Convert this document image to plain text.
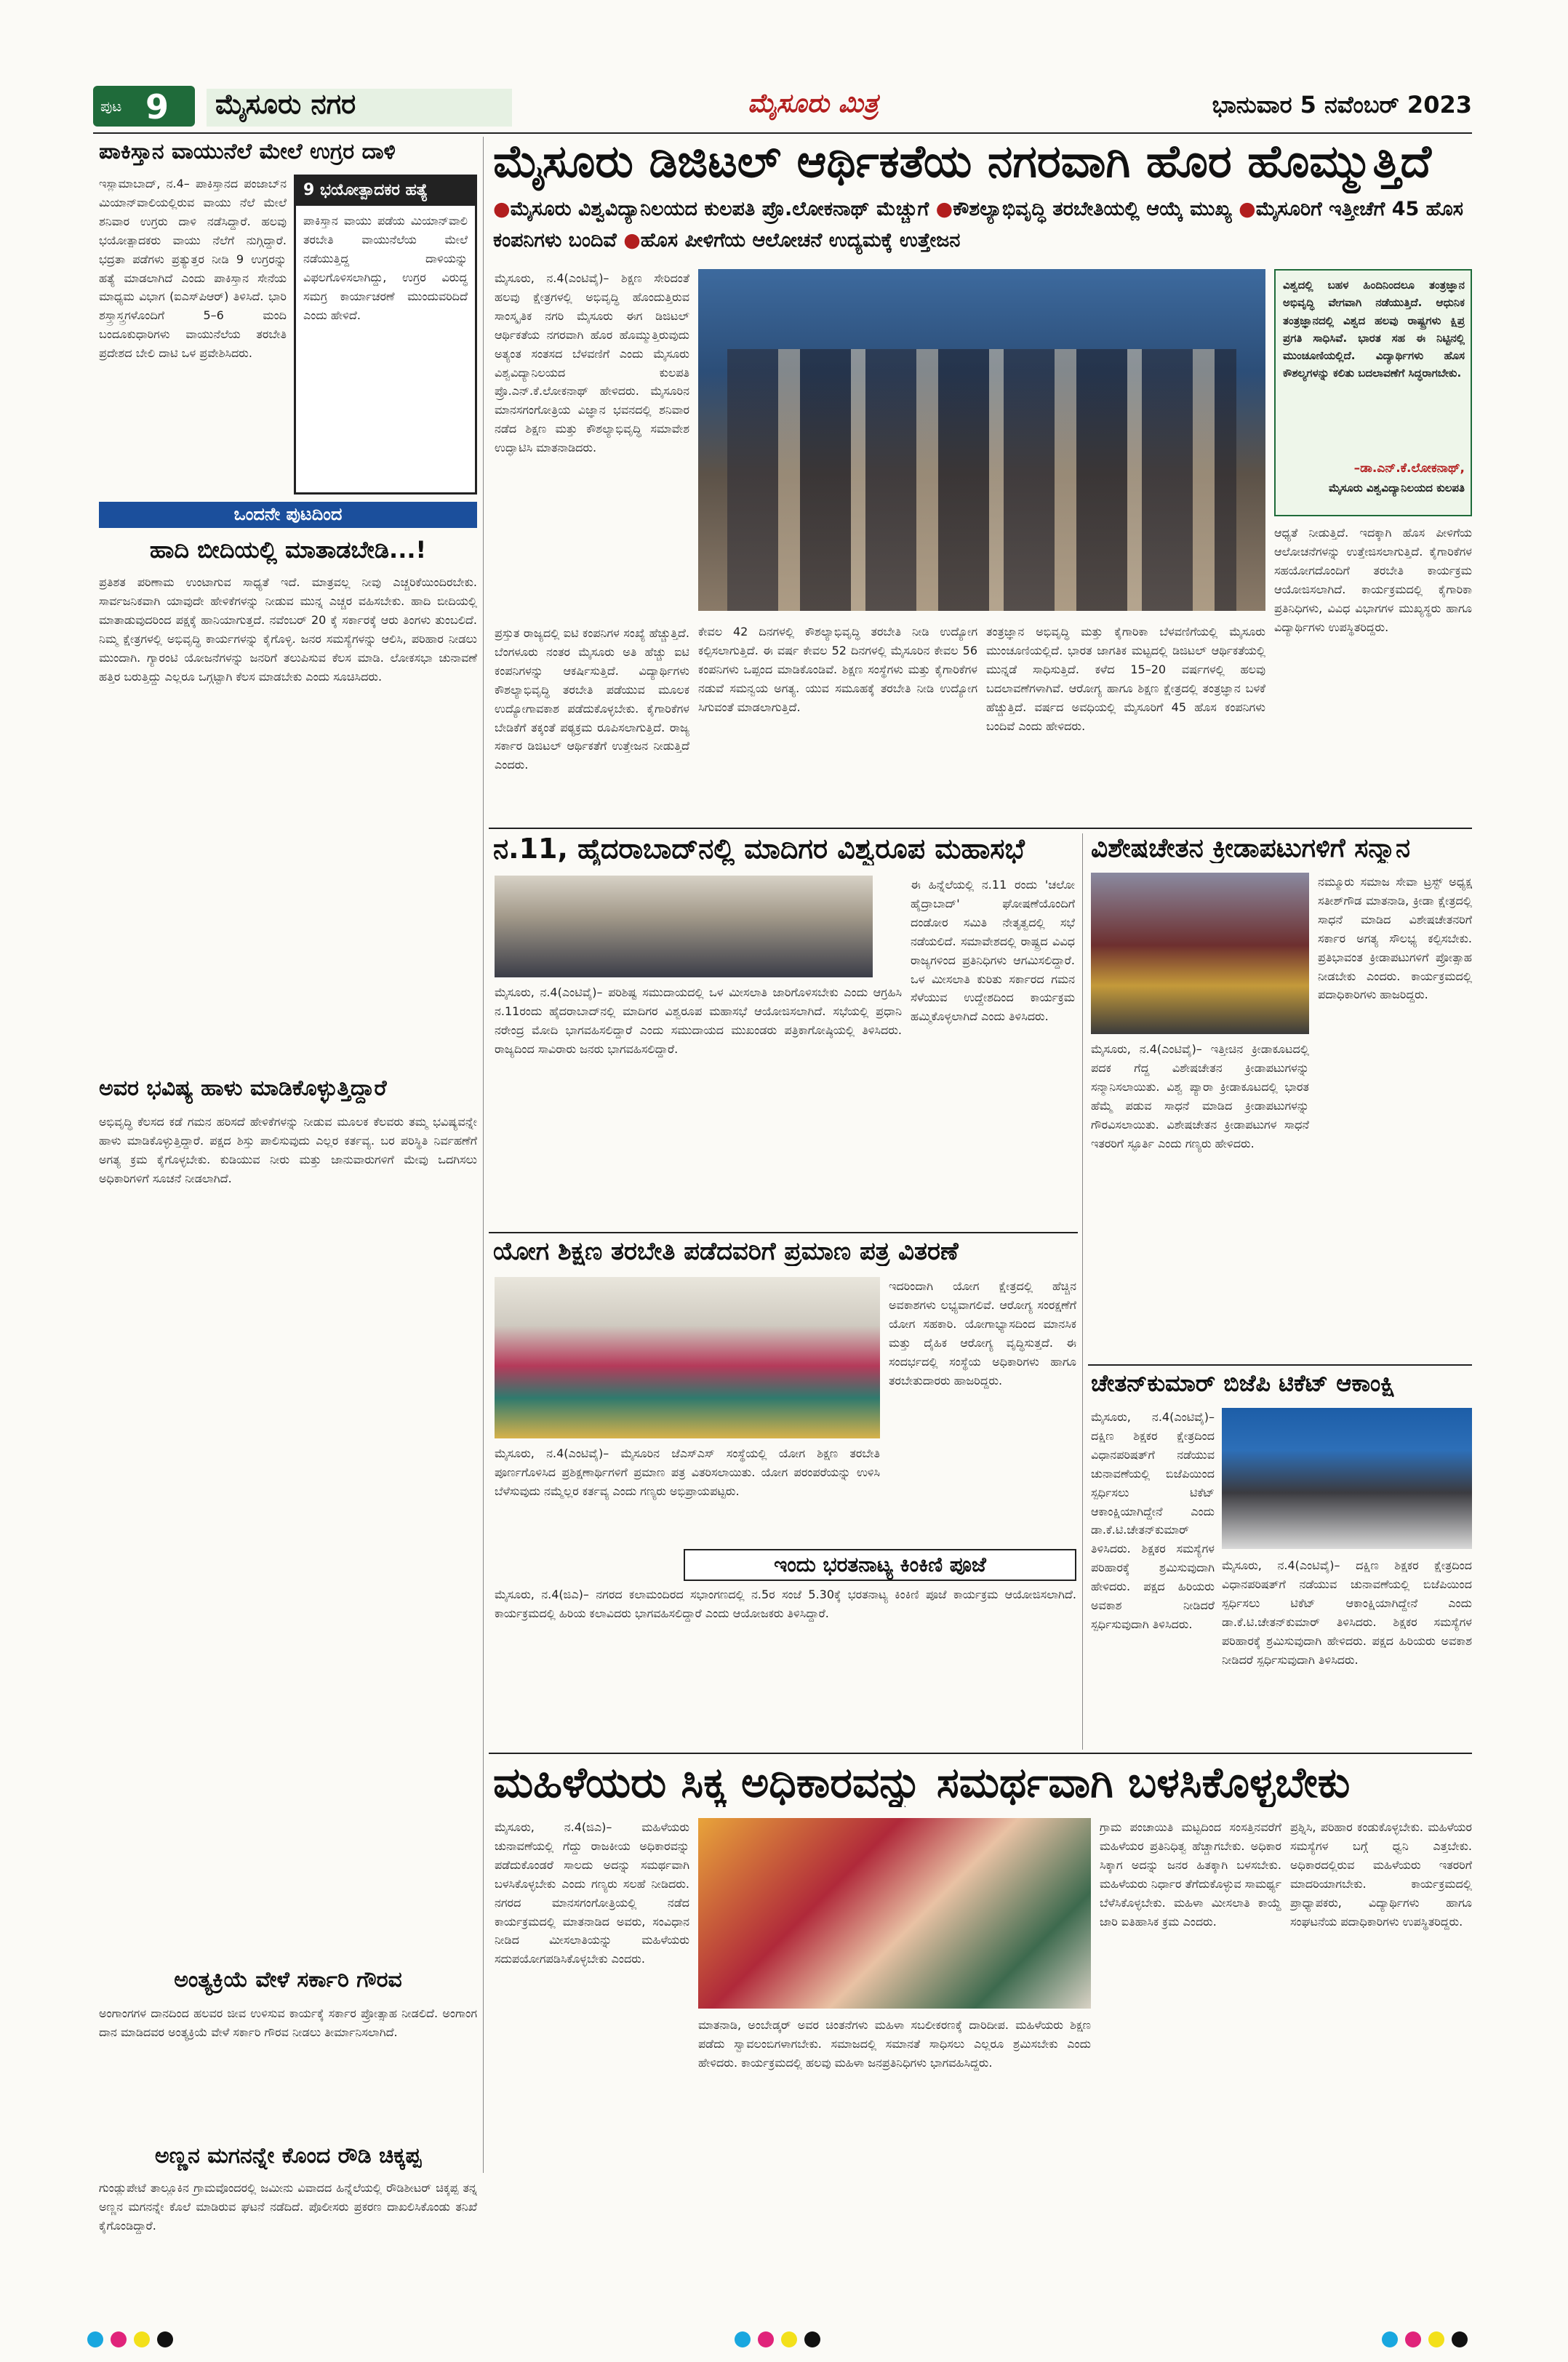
ಪುಟ 9	ಮೈಸೂರು ನಗರ	ಮೈಸೂರು ಮಿತ್ರ	ಭಾನುವಾರ 5 ನವೆಂಬರ್ 2023
ಪಾಕಿಸ್ತಾನ ವಾಯುನೆಲೆ ಮೇಲೆ ಉಗ್ರರ ದಾಳಿ
ಇಸ್ಲಾಮಾಬಾದ್, ನ.4– ಪಾಕಿಸ್ತಾನದ ಪಂಜಾಬ್‌ನ ಮಿಯಾನ್‌ವಾಲಿಯಲ್ಲಿರುವ ವಾಯು ನೆಲೆ ಮೇಲೆ ಶನಿವಾರ ಉಗ್ರರು ದಾಳಿ ನಡೆಸಿದ್ದಾರೆ. ಹಲವು ಭಯೋತ್ಪಾದಕರು ವಾಯು ನೆಲೆಗೆ ನುಗ್ಗಿದ್ದಾರೆ. ಭದ್ರತಾ ಪಡೆಗಳು ಪ್ರತ್ಯುತ್ತರ ನೀಡಿ 9 ಉಗ್ರರನ್ನು ಹತ್ಯೆ ಮಾಡಲಾಗಿದೆ ಎಂದು ಪಾಕಿಸ್ತಾನ ಸೇನೆಯ ಮಾಧ್ಯಮ ವಿಭಾಗ (ಐಎಸ್‌ಪಿಆರ್) ತಿಳಿಸಿದೆ. ಭಾರಿ ಶಸ್ತ್ರಾಸ್ತ್ರಗಳೊಂದಿಗೆ 5–6 ಮಂದಿ ಬಂದೂಕುಧಾರಿಗಳು ವಾಯುನೆಲೆಯ ತರಬೇತಿ ಪ್ರದೇಶದ ಬೇಲಿ ದಾಟಿ ಒಳ ಪ್ರವೇಶಿಸಿದರು.
9 ಭಯೋತ್ಪಾದಕರ ಹತ್ಯೆ
ಪಾಕಿಸ್ತಾನ ವಾಯು ಪಡೆಯ ಮಿಯಾನ್‌ವಾಲಿ ತರಬೇತಿ ವಾಯುನೆಲೆಯ ಮೇಲೆ ನಡೆಯುತ್ತಿದ್ದ ದಾಳಿಯನ್ನು ವಿಫಲಗೊಳಿಸಲಾಗಿದ್ದು, ಉಗ್ರರ ವಿರುದ್ಧ ಸಮಗ್ರ ಕಾರ್ಯಾಚರಣೆ ಮುಂದುವರಿದಿದೆ ಎಂದು ಹೇಳಿದೆ.
ಒಂದನೇ ಪುಟದಿಂದ
ಹಾದಿ ಬೀದಿಯಲ್ಲಿ ಮಾತಾಡಬೇಡಿ...!
ಪ್ರತಿಶತ ಪರಿಣಾಮ ಉಂಟಾಗುವ ಸಾಧ್ಯತೆ ಇದೆ. ಮಾತ್ರವಲ್ಲ ನೀವು ಎಚ್ಚರಿಕೆಯಿಂದಿರಬೇಕು. ಸಾರ್ವಜನಿಕವಾಗಿ ಯಾವುದೇ ಹೇಳಿಕೆಗಳನ್ನು ನೀಡುವ ಮುನ್ನ ಎಚ್ಚರ ವಹಿಸಬೇಕು. ಹಾದಿ ಬೀದಿಯಲ್ಲಿ ಮಾತಾಡುವುದರಿಂದ ಪಕ್ಷಕ್ಕೆ ಹಾನಿಯಾಗುತ್ತದೆ. ನವೆಂಬರ್ 20 ಕ್ಕೆ ಸರ್ಕಾರಕ್ಕೆ ಆರು ತಿಂಗಳು ತುಂಬಲಿದೆ. ನಿಮ್ಮ ಕ್ಷೇತ್ರಗಳಲ್ಲಿ ಅಭಿವೃದ್ಧಿ ಕಾರ್ಯಗಳನ್ನು ಕೈಗೊಳ್ಳಿ. ಜನರ ಸಮಸ್ಯೆಗಳನ್ನು ಆಲಿಸಿ, ಪರಿಹಾರ ನೀಡಲು ಮುಂದಾಗಿ. ಗ್ಯಾರಂಟಿ ಯೋಜನೆಗಳನ್ನು ಜನರಿಗೆ ತಲುಪಿಸುವ ಕೆಲಸ ಮಾಡಿ. ಲೋಕಸಭಾ ಚುನಾವಣೆ ಹತ್ತಿರ ಬರುತ್ತಿದ್ದು ಎಲ್ಲರೂ ಒಗ್ಗಟ್ಟಾಗಿ ಕೆಲಸ ಮಾಡಬೇಕು ಎಂದು ಸೂಚಿಸಿದರು.
ಅವರ ಭವಿಷ್ಯ ಹಾಳು ಮಾಡಿಕೊಳ್ಳುತ್ತಿದ್ದಾರೆ
ಅಭಿವೃದ್ಧಿ ಕೆಲಸದ ಕಡೆ ಗಮನ ಹರಿಸದೆ ಹೇಳಿಕೆಗಳನ್ನು ನೀಡುವ ಮೂಲಕ ಕೆಲವರು ತಮ್ಮ ಭವಿಷ್ಯವನ್ನೇ ಹಾಳು ಮಾಡಿಕೊಳ್ಳುತ್ತಿದ್ದಾರೆ. ಪಕ್ಷದ ಶಿಸ್ತು ಪಾಲಿಸುವುದು ಎಲ್ಲರ ಕರ್ತವ್ಯ. ಬರ ಪರಿಸ್ಥಿತಿ ನಿರ್ವಹಣೆಗೆ ಅಗತ್ಯ ಕ್ರಮ ಕೈಗೊಳ್ಳಬೇಕು. ಕುಡಿಯುವ ನೀರು ಮತ್ತು ಜಾನುವಾರುಗಳಿಗೆ ಮೇವು ಒದಗಿಸಲು ಅಧಿಕಾರಿಗಳಿಗೆ ಸೂಚನೆ ನೀಡಲಾಗಿದೆ.
ಅಂತ್ಯಕ್ರಿಯೆ ವೇಳೆ ಸರ್ಕಾರಿ ಗೌರವ
ಅಂಗಾಂಗಗಳ ದಾನದಿಂದ ಹಲವರ ಜೀವ ಉಳಿಸುವ ಕಾರ್ಯಕ್ಕೆ ಸರ್ಕಾರ ಪ್ರೋತ್ಸಾಹ ನೀಡಲಿದೆ. ಅಂಗಾಂಗ ದಾನ ಮಾಡಿದವರ ಅಂತ್ಯಕ್ರಿಯೆ ವೇಳೆ ಸರ್ಕಾರಿ ಗೌರವ ನೀಡಲು ತೀರ್ಮಾನಿಸಲಾಗಿದೆ.
ಅಣ್ಣನ ಮಗನನ್ನೇ ಕೊಂದ ರೌಡಿ ಚಿಕ್ಕಪ್ಪ
ಗುಂಡ್ಲುಪೇಟೆ ತಾಲ್ಲೂಕಿನ ಗ್ರಾಮವೊಂದರಲ್ಲಿ ಜಮೀನು ವಿವಾದದ ಹಿನ್ನೆಲೆಯಲ್ಲಿ ರೌಡಿಶೀಟರ್ ಚಿಕ್ಕಪ್ಪ ತನ್ನ ಅಣ್ಣನ ಮಗನನ್ನೇ ಕೊಲೆ ಮಾಡಿರುವ ಘಟನೆ ನಡೆದಿದೆ. ಪೊಲೀಸರು ಪ್ರಕರಣ ದಾಖಲಿಸಿಕೊಂಡು ತನಿಖೆ ಕೈಗೊಂಡಿದ್ದಾರೆ.
ಮೈಸೂರು ಡಿಜಿಟಲ್ ಆರ್ಥಿಕತೆಯ ನಗರವಾಗಿ ಹೊರ ಹೊಮ್ಮುತ್ತಿದೆ
●ಮೈಸೂರು ವಿಶ್ವವಿದ್ಯಾನಿಲಯದ ಕುಲಪತಿ ಪ್ರೊ.ಲೋಕನಾಥ್ ಮೆಚ್ಚುಗೆ ●ಕೌಶಲ್ಯಾಭಿವೃದ್ಧಿ ತರಬೇತಿಯಲ್ಲಿ ಆಯ್ಕೆ ಮುಖ್ಯ ●ಮೈಸೂರಿಗೆ ಇತ್ತೀಚೆಗೆ 45 ಹೊಸ ಕಂಪನಿಗಳು ಬಂದಿವೆ ●ಹೊಸ ಪೀಳಿಗೆಯ ಆಲೋಚನೆ ಉದ್ಯಮಕ್ಕೆ ಉತ್ತೇಜನ
ಮೈಸೂರು, ನ.4(ಎಂಟಿವೈ)– ಶಿಕ್ಷಣ ಸೇರಿದಂತೆ ಹಲವು ಕ್ಷೇತ್ರಗಳಲ್ಲಿ ಅಭಿವೃದ್ಧಿ ಹೊಂದುತ್ತಿರುವ ಸಾಂಸ್ಕೃತಿಕ ನಗರಿ ಮೈಸೂರು ಈಗ ಡಿಜಿಟಲ್ ಆರ್ಥಿಕತೆಯ ನಗರವಾಗಿ ಹೊರ ಹೊಮ್ಮುತ್ತಿರುವುದು ಅತ್ಯಂತ ಸಂತಸದ ಬೆಳವಣಿಗೆ ಎಂದು ಮೈಸೂರು ವಿಶ್ವವಿದ್ಯಾನಿಲಯದ ಕುಲಪತಿ ಪ್ರೊ.ಎನ್.ಕೆ.ಲೋಕನಾಥ್ ಹೇಳಿದರು. ಮೈಸೂರಿನ ಮಾನಸಗಂಗೋತ್ರಿಯ ವಿಜ್ಞಾನ ಭವನದಲ್ಲಿ ಶನಿವಾರ ನಡೆದ ಶಿಕ್ಷಣ ಮತ್ತು ಕೌಶಲ್ಯಾಭಿವೃದ್ಧಿ ಸಮಾವೇಶ ಉದ್ಘಾಟಿಸಿ ಮಾತನಾಡಿದರು.
ವಿಶ್ವದಲ್ಲಿ ಬಹಳ ಹಿಂದಿನಿಂದಲೂ ತಂತ್ರಜ್ಞಾನ ಅಭಿವೃದ್ಧಿ ವೇಗವಾಗಿ ನಡೆಯುತ್ತಿದೆ. ಆಧುನಿಕ ತಂತ್ರಜ್ಞಾನದಲ್ಲಿ ವಿಶ್ವದ ಹಲವು ರಾಷ್ಟ್ರಗಳು ಕ್ಷಿಪ್ರ ಪ್ರಗತಿ ಸಾಧಿಸಿವೆ. ಭಾರತ ಸಹ ಈ ನಿಟ್ಟಿನಲ್ಲಿ ಮುಂಚೂಣಿಯಲ್ಲಿದೆ. ವಿದ್ಯಾರ್ಥಿಗಳು ಹೊಸ ಕೌಶಲ್ಯಗಳನ್ನು ಕಲಿತು ಬದಲಾವಣೆಗೆ ಸಿದ್ಧರಾಗಬೇಕು.
–ಡಾ.ಎನ್.ಕೆ.ಲೋಕನಾಥ್,
ಮೈಸೂರು ವಿಶ್ವವಿದ್ಯಾನಿಲಯದ ಕುಲಪತಿ
ಆಧ್ಯತೆ ನೀಡುತ್ತಿದೆ. ಇದಕ್ಕಾಗಿ ಹೊಸ ಪೀಳಿಗೆಯ ಆಲೋಚನೆಗಳನ್ನು ಉತ್ತೇಜಿಸಲಾಗುತ್ತಿದೆ. ಕೈಗಾರಿಕೆಗಳ ಸಹಯೋಗದೊಂದಿಗೆ ತರಬೇತಿ ಕಾರ್ಯಕ್ರಮ ಆಯೋಜಿಸಲಾಗಿದೆ. ಕಾರ್ಯಕ್ರಮದಲ್ಲಿ ಕೈಗಾರಿಕಾ ಪ್ರತಿನಿಧಿಗಳು, ವಿವಿಧ ವಿಭಾಗಗಳ ಮುಖ್ಯಸ್ಥರು ಹಾಗೂ ವಿದ್ಯಾರ್ಥಿಗಳು ಉಪಸ್ಥಿತರಿದ್ದರು.
ಪ್ರಸ್ತುತ ರಾಜ್ಯದಲ್ಲಿ ಐಟಿ ಕಂಪನಿಗಳ ಸಂಖ್ಯೆ ಹೆಚ್ಚುತ್ತಿದೆ. ಬೆಂಗಳೂರು ನಂತರ ಮೈಸೂರು ಅತಿ ಹೆಚ್ಚು ಐಟಿ ಕಂಪನಿಗಳನ್ನು ಆಕರ್ಷಿಸುತ್ತಿದೆ. ವಿದ್ಯಾರ್ಥಿಗಳು ಕೌಶಲ್ಯಾಭಿವೃದ್ಧಿ ತರಬೇತಿ ಪಡೆಯುವ ಮೂಲಕ ಉದ್ಯೋಗಾವಕಾಶ ಪಡೆದುಕೊಳ್ಳಬೇಕು. ಕೈಗಾರಿಕೆಗಳ ಬೇಡಿಕೆಗೆ ತಕ್ಕಂತೆ ಪಠ್ಯಕ್ರಮ ರೂಪಿಸಲಾಗುತ್ತಿದೆ. ರಾಜ್ಯ ಸರ್ಕಾರ ಡಿಜಿಟಲ್ ಆರ್ಥಿಕತೆಗೆ ಉತ್ತೇಜನ ನೀಡುತ್ತಿದೆ ಎಂದರು.
ಕೇವಲ 42 ದಿನಗಳಲ್ಲಿ ಕೌಶಲ್ಯಾಭಿವೃದ್ಧಿ ತರಬೇತಿ ನೀಡಿ ಉದ್ಯೋಗ ಕಲ್ಪಿಸಲಾಗುತ್ತಿದೆ. ಈ ವರ್ಷ ಕೇವಲ 52 ದಿನಗಳಲ್ಲಿ ಮೈಸೂರಿನ ಕೇವಲ 56 ಕಂಪನಿಗಳು ಒಪ್ಪಂದ ಮಾಡಿಕೊಂಡಿವೆ. ಶಿಕ್ಷಣ ಸಂಸ್ಥೆಗಳು ಮತ್ತು ಕೈಗಾರಿಕೆಗಳ ನಡುವೆ ಸಮನ್ವಯ ಅಗತ್ಯ. ಯುವ ಸಮೂಹಕ್ಕೆ ತರಬೇತಿ ನೀಡಿ ಉದ್ಯೋಗ ಸಿಗುವಂತೆ ಮಾಡಲಾಗುತ್ತಿದೆ.
ತಂತ್ರಜ್ಞಾನ ಅಭಿವೃದ್ಧಿ ಮತ್ತು ಕೈಗಾರಿಕಾ ಬೆಳವಣಿಗೆಯಲ್ಲಿ ಮೈಸೂರು ಮುಂಚೂಣಿಯಲ್ಲಿದೆ. ಭಾರತ ಜಾಗತಿಕ ಮಟ್ಟದಲ್ಲಿ ಡಿಜಿಟಲ್ ಆರ್ಥಿಕತೆಯಲ್ಲಿ ಮುನ್ನಡೆ ಸಾಧಿಸುತ್ತಿದೆ. ಕಳೆದ 15–20 ವರ್ಷಗಳಲ್ಲಿ ಹಲವು ಬದಲಾವಣೆಗಳಾಗಿವೆ. ಆರೋಗ್ಯ ಹಾಗೂ ಶಿಕ್ಷಣ ಕ್ಷೇತ್ರದಲ್ಲಿ ತಂತ್ರಜ್ಞಾನ ಬಳಕೆ ಹೆಚ್ಚುತ್ತಿದೆ. ವರ್ಷದ ಅವಧಿಯಲ್ಲಿ ಮೈಸೂರಿಗೆ 45 ಹೊಸ ಕಂಪನಿಗಳು ಬಂದಿವೆ ಎಂದು ಹೇಳಿದರು.
ನ.11, ಹೈದರಾಬಾದ್‌ನಲ್ಲಿ ಮಾದಿಗರ ವಿಶ್ವರೂಪ ಮಹಾಸಭೆ
ಮೈಸೂರು, ನ.4(ಎಂಟಿವೈ)– ಪರಿಶಿಷ್ಟ ಸಮುದಾಯದಲ್ಲಿ ಒಳ ಮೀಸಲಾತಿ ಜಾರಿಗೊಳಿಸಬೇಕು ಎಂದು ಆಗ್ರಹಿಸಿ ನ.11ರಂದು ಹೈದರಾಬಾದ್‌ನಲ್ಲಿ ಮಾದಿಗರ ವಿಶ್ವರೂಪ ಮಹಾಸಭೆ ಆಯೋಜಿಸಲಾಗಿದೆ. ಸಭೆಯಲ್ಲಿ ಪ್ರಧಾನಿ ನರೇಂದ್ರ ಮೋದಿ ಭಾಗವಹಿಸಲಿದ್ದಾರೆ ಎಂದು ಸಮುದಾಯದ ಮುಖಂಡರು ಪತ್ರಿಕಾಗೋಷ್ಠಿಯಲ್ಲಿ ತಿಳಿಸಿದರು. ರಾಜ್ಯದಿಂದ ಸಾವಿರಾರು ಜನರು ಭಾಗವಹಿಸಲಿದ್ದಾರೆ.
ಈ ಹಿನ್ನೆಲೆಯಲ್ಲಿ ನ.11 ರಂದು 'ಚಲೋ ಹೈದ್ರಾಬಾದ್' ಘೋಷಣೆಯೊಂದಿಗೆ ದಂಡೋರ ಸಮಿತಿ ನೇತೃತ್ವದಲ್ಲಿ ಸಭೆ ನಡೆಯಲಿದೆ. ಸಮಾವೇಶದಲ್ಲಿ ರಾಷ್ಟ್ರದ ವಿವಿಧ ರಾಜ್ಯಗಳಿಂದ ಪ್ರತಿನಿಧಿಗಳು ಆಗಮಿಸಲಿದ್ದಾರೆ. ಒಳ ಮೀಸಲಾತಿ ಕುರಿತು ಸರ್ಕಾರದ ಗಮನ ಸೆಳೆಯುವ ಉದ್ದೇಶದಿಂದ ಕಾರ್ಯಕ್ರಮ ಹಮ್ಮಿಕೊಳ್ಳಲಾಗಿದೆ ಎಂದು ತಿಳಿಸಿದರು.
ವಿಶೇಷಚೇತನ ಕ್ರೀಡಾಪಟುಗಳಿಗೆ ಸನ್ಮಾನ
ಮೈಸೂರು, ನ.4(ಎಂಟಿವೈ)– ಇತ್ತೀಚಿನ ಕ್ರೀಡಾಕೂಟದಲ್ಲಿ ಪದಕ ಗೆದ್ದ ವಿಶೇಷಚೇತನ ಕ್ರೀಡಾಪಟುಗಳನ್ನು ಸನ್ಮಾನಿಸಲಾಯಿತು. ವಿಶ್ವ ಪ್ಯಾರಾ ಕ್ರೀಡಾಕೂಟದಲ್ಲಿ ಭಾರತ ಹೆಮ್ಮೆ ಪಡುವ ಸಾಧನೆ ಮಾಡಿದ ಕ್ರೀಡಾಪಟುಗಳನ್ನು ಗೌರವಿಸಲಾಯಿತು. ವಿಶೇಷಚೇತನ ಕ್ರೀಡಾಪಟುಗಳ ಸಾಧನೆ ಇತರರಿಗೆ ಸ್ಫೂರ್ತಿ ಎಂದು ಗಣ್ಯರು ಹೇಳಿದರು.
ನಮ್ಮೂರು ಸಮಾಜ ಸೇವಾ ಟ್ರಸ್ಟ್ ಅಧ್ಯಕ್ಷ ಸತೀಶ್‌ಗೌಡ ಮಾತನಾಡಿ, ಕ್ರೀಡಾ ಕ್ಷೇತ್ರದಲ್ಲಿ ಸಾಧನೆ ಮಾಡಿದ ವಿಶೇಷಚೇತನರಿಗೆ ಸರ್ಕಾರ ಅಗತ್ಯ ಸೌಲಭ್ಯ ಕಲ್ಪಿಸಬೇಕು. ಪ್ರತಿಭಾವಂತ ಕ್ರೀಡಾಪಟುಗಳಿಗೆ ಪ್ರೋತ್ಸಾಹ ನೀಡಬೇಕು ಎಂದರು. ಕಾರ್ಯಕ್ರಮದಲ್ಲಿ ಪದಾಧಿಕಾರಿಗಳು ಹಾಜರಿದ್ದರು.
ಯೋಗ ಶಿಕ್ಷಣ ತರಬೇತಿ ಪಡೆದವರಿಗೆ ಪ್ರಮಾಣ ಪತ್ರ ವಿತರಣೆ
ಮೈಸೂರು, ನ.4(ಎಂಟಿವೈ)– ಮೈಸೂರಿನ ಜೆಎಸ್‌ಎಸ್ ಸಂಸ್ಥೆಯಲ್ಲಿ ಯೋಗ ಶಿಕ್ಷಣ ತರಬೇತಿ ಪೂರ್ಣಗೊಳಿಸಿದ ಪ್ರಶಿಕ್ಷಣಾರ್ಥಿಗಳಿಗೆ ಪ್ರಮಾಣ ಪತ್ರ ವಿತರಿಸಲಾಯಿತು. ಯೋಗ ಪರಂಪರೆಯನ್ನು ಉಳಿಸಿ ಬೆಳೆಸುವುದು ನಮ್ಮೆಲ್ಲರ ಕರ್ತವ್ಯ ಎಂದು ಗಣ್ಯರು ಅಭಿಪ್ರಾಯಪಟ್ಟರು.
ಇದರಿಂದಾಗಿ ಯೋಗ ಕ್ಷೇತ್ರದಲ್ಲಿ ಹೆಚ್ಚಿನ ಅವಕಾಶಗಳು ಲಭ್ಯವಾಗಲಿವೆ. ಆರೋಗ್ಯ ಸಂರಕ್ಷಣೆಗೆ ಯೋಗ ಸಹಕಾರಿ. ಯೋಗಾಭ್ಯಾಸದಿಂದ ಮಾನಸಿಕ ಮತ್ತು ದೈಹಿಕ ಆರೋಗ್ಯ ವೃದ್ಧಿಸುತ್ತದೆ. ಈ ಸಂದರ್ಭದಲ್ಲಿ ಸಂಸ್ಥೆಯ ಅಧಿಕಾರಿಗಳು ಹಾಗೂ ತರಬೇತುದಾರರು ಹಾಜರಿದ್ದರು.
ಇಂದು ಭರತನಾಟ್ಯ ಕಿಂಕಿಣಿ ಪೂಜೆ
ಮೈಸೂರು, ನ.4(ಜಿಎ)– ನಗರದ ಕಲಾಮಂದಿರದ ಸಭಾಂಗಣದಲ್ಲಿ ನ.5ರ ಸಂಜೆ 5.30ಕ್ಕೆ ಭರತನಾಟ್ಯ ಕಿಂಕಿಣಿ ಪೂಜೆ ಕಾರ್ಯಕ್ರಮ ಆಯೋಜಿಸಲಾಗಿದೆ. ಕಾರ್ಯಕ್ರಮದಲ್ಲಿ ಹಿರಿಯ ಕಲಾವಿದರು ಭಾಗವಹಿಸಲಿದ್ದಾರೆ ಎಂದು ಆಯೋಜಕರು ತಿಳಿಸಿದ್ದಾರೆ.
ಚೇತನ್‌ಕುಮಾರ್ ಬಿಜೆಪಿ ಟಿಕೆಟ್ ಆಕಾಂಕ್ಷಿ
ಮೈಸೂರು, ನ.4(ಎಂಟಿವೈ)– ದಕ್ಷಿಣ ಶಿಕ್ಷಕರ ಕ್ಷೇತ್ರದಿಂದ ವಿಧಾನಪರಿಷತ್‌ಗೆ ನಡೆಯುವ ಚುನಾವಣೆಯಲ್ಲಿ ಬಿಜೆಪಿಯಿಂದ ಸ್ಪರ್ಧಿಸಲು ಟಿಕೆಟ್ ಆಕಾಂಕ್ಷಿಯಾಗಿದ್ದೇನೆ ಎಂದು ಡಾ.ಕೆ.ಟಿ.ಚೇತನ್‌ಕುಮಾರ್ ತಿಳಿಸಿದರು. ಶಿಕ್ಷಕರ ಸಮಸ್ಯೆಗಳ ಪರಿಹಾರಕ್ಕೆ ಶ್ರಮಿಸುವುದಾಗಿ ಹೇಳಿದರು. ಪಕ್ಷದ ಹಿರಿಯರು ಅವಕಾಶ ನೀಡಿದರೆ ಸ್ಪರ್ಧಿಸುವುದಾಗಿ ತಿಳಿಸಿದರು.
ಮೈಸೂರು, ನ.4(ಎಂಟಿವೈ)– ದಕ್ಷಿಣ ಶಿಕ್ಷಕರ ಕ್ಷೇತ್ರದಿಂದ ವಿಧಾನಪರಿಷತ್‌ಗೆ ನಡೆಯುವ ಚುನಾವಣೆಯಲ್ಲಿ ಬಿಜೆಪಿಯಿಂದ ಸ್ಪರ್ಧಿಸಲು ಟಿಕೆಟ್ ಆಕಾಂಕ್ಷಿಯಾಗಿದ್ದೇನೆ ಎಂದು ಡಾ.ಕೆ.ಟಿ.ಚೇತನ್‌ಕುಮಾರ್ ತಿಳಿಸಿದರು. ಶಿಕ್ಷಕರ ಸಮಸ್ಯೆಗಳ ಪರಿಹಾರಕ್ಕೆ ಶ್ರಮಿಸುವುದಾಗಿ ಹೇಳಿದರು. ಪಕ್ಷದ ಹಿರಿಯರು ಅವಕಾಶ ನೀಡಿದರೆ ಸ್ಪರ್ಧಿಸುವುದಾಗಿ ತಿಳಿಸಿದರು.
ಮಹಿಳೆಯರು ಸಿಕ್ಕ ಅಧಿಕಾರವನ್ನು ಸಮರ್ಥವಾಗಿ ಬಳಸಿಕೊಳ್ಳಬೇಕು
ಮೈಸೂರು, ನ.4(ಜಿಎ)– ಮಹಿಳೆಯರು ಚುನಾವಣೆಯಲ್ಲಿ ಗೆದ್ದು ರಾಜಕೀಯ ಅಧಿಕಾರವನ್ನು ಪಡೆದುಕೊಂಡರೆ ಸಾಲದು ಅದನ್ನು ಸಮರ್ಥವಾಗಿ ಬಳಸಿಕೊಳ್ಳಬೇಕು ಎಂದು ಗಣ್ಯರು ಸಲಹೆ ನೀಡಿದರು. ನಗರದ ಮಾನಸಗಂಗೋತ್ರಿಯಲ್ಲಿ ನಡೆದ ಕಾರ್ಯಕ್ರಮದಲ್ಲಿ ಮಾತನಾಡಿದ ಅವರು, ಸಂವಿಧಾನ ನೀಡಿದ ಮೀಸಲಾತಿಯನ್ನು ಮಹಿಳೆಯರು ಸದುಪಯೋಗಪಡಿಸಿಕೊಳ್ಳಬೇಕು ಎಂದರು.
ಮಾತನಾಡಿ, ಅಂಬೇಡ್ಕರ್ ಅವರ ಚಿಂತನೆಗಳು ಮಹಿಳಾ ಸಬಲೀಕರಣಕ್ಕೆ ದಾರಿದೀಪ. ಮಹಿಳೆಯರು ಶಿಕ್ಷಣ ಪಡೆದು ಸ್ವಾವಲಂಬಿಗಳಾಗಬೇಕು. ಸಮಾಜದಲ್ಲಿ ಸಮಾನತೆ ಸಾಧಿಸಲು ಎಲ್ಲರೂ ಶ್ರಮಿಸಬೇಕು ಎಂದು ಹೇಳಿದರು. ಕಾರ್ಯಕ್ರಮದಲ್ಲಿ ಹಲವು ಮಹಿಳಾ ಜನಪ್ರತಿನಿಧಿಗಳು ಭಾಗವಹಿಸಿದ್ದರು.
ಗ್ರಾಮ ಪಂಚಾಯಿತಿ ಮಟ್ಟದಿಂದ ಸಂಸತ್ತಿನವರೆಗೆ ಮಹಿಳೆಯರ ಪ್ರತಿನಿಧಿತ್ವ ಹೆಚ್ಚಾಗಬೇಕು. ಅಧಿಕಾರ ಸಿಕ್ಕಾಗ ಅದನ್ನು ಜನರ ಹಿತಕ್ಕಾಗಿ ಬಳಸಬೇಕು. ಮಹಿಳೆಯರು ನಿರ್ಧಾರ ತೆಗೆದುಕೊಳ್ಳುವ ಸಾಮರ್ಥ್ಯ ಬೆಳೆಸಿಕೊಳ್ಳಬೇಕು. ಮಹಿಳಾ ಮೀಸಲಾತಿ ಕಾಯ್ದೆ ಜಾರಿ ಐತಿಹಾಸಿಕ ಕ್ರಮ ಎಂದರು.
ಪ್ರಶ್ನಿಸಿ, ಪರಿಹಾರ ಕಂಡುಕೊಳ್ಳಬೇಕು. ಮಹಿಳೆಯರ ಸಮಸ್ಯೆಗಳ ಬಗ್ಗೆ ಧ್ವನಿ ಎತ್ತಬೇಕು. ಅಧಿಕಾರದಲ್ಲಿರುವ ಮಹಿಳೆಯರು ಇತರರಿಗೆ ಮಾದರಿಯಾಗಬೇಕು. ಕಾರ್ಯಕ್ರಮದಲ್ಲಿ ಪ್ರಾಧ್ಯಾಪಕರು, ವಿದ್ಯಾರ್ಥಿಗಳು ಹಾಗೂ ಸಂಘಟನೆಯ ಪದಾಧಿಕಾರಿಗಳು ಉಪಸ್ಥಿತರಿದ್ದರು.
